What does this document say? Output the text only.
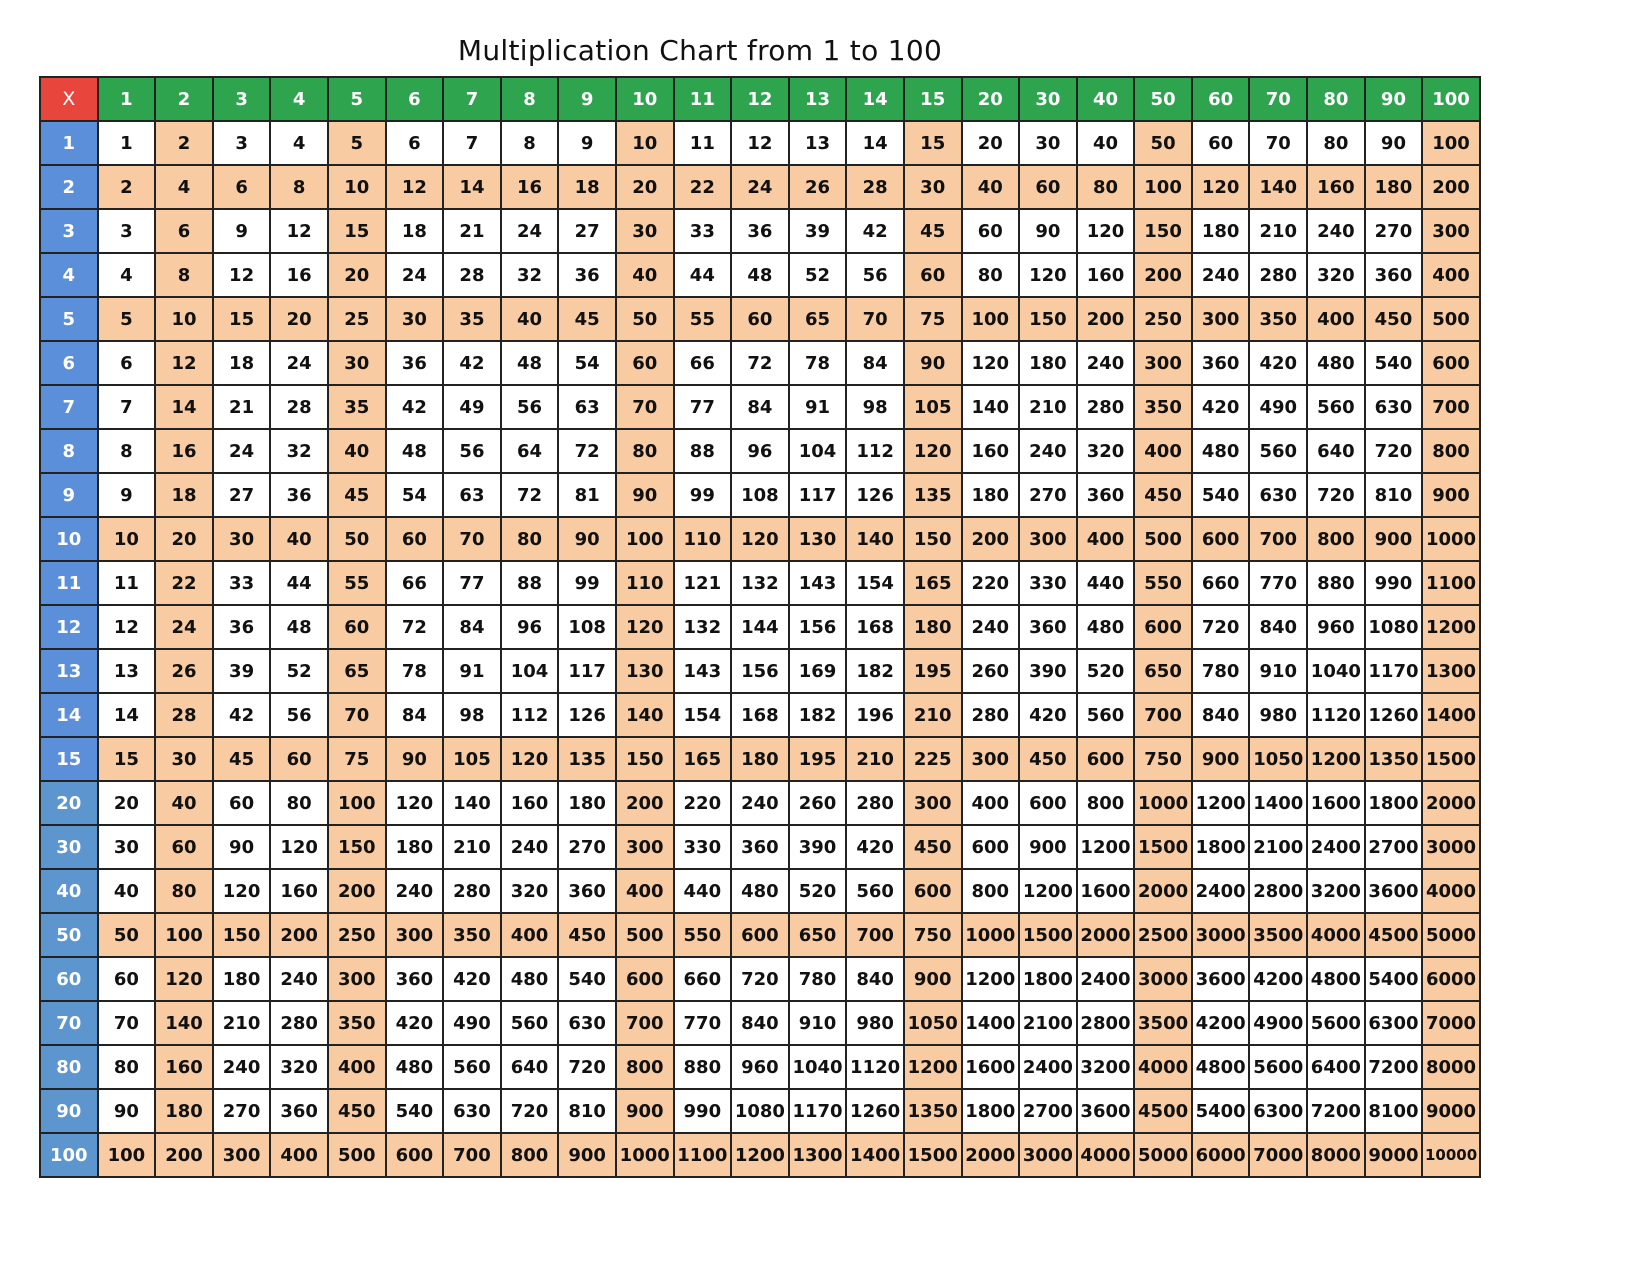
Multiplication Chart from 1 to 100
X	1	2	3	4	5	6	7	8	9	10	11	12	13	14	15	20	30	40	50	60	70	80	90	100
1	1	2	3	4	5	6	7	8	9	10	11	12	13	14	15	20	30	40	50	60	70	80	90	100
2	2	4	6	8	10	12	14	16	18	20	22	24	26	28	30	40	60	80	100	120	140	160	180	200
3	3	6	9	12	15	18	21	24	27	30	33	36	39	42	45	60	90	120	150	180	210	240	270	300
4	4	8	12	16	20	24	28	32	36	40	44	48	52	56	60	80	120	160	200	240	280	320	360	400
5	5	10	15	20	25	30	35	40	45	50	55	60	65	70	75	100	150	200	250	300	350	400	450	500
6	6	12	18	24	30	36	42	48	54	60	66	72	78	84	90	120	180	240	300	360	420	480	540	600
7	7	14	21	28	35	42	49	56	63	70	77	84	91	98	105	140	210	280	350	420	490	560	630	700
8	8	16	24	32	40	48	56	64	72	80	88	96	104	112	120	160	240	320	400	480	560	640	720	800
9	9	18	27	36	45	54	63	72	81	90	99	108	117	126	135	180	270	360	450	540	630	720	810	900
10	10	20	30	40	50	60	70	80	90	100	110	120	130	140	150	200	300	400	500	600	700	800	900	1000
11	11	22	33	44	55	66	77	88	99	110	121	132	143	154	165	220	330	440	550	660	770	880	990	1100
12	12	24	36	48	60	72	84	96	108	120	132	144	156	168	180	240	360	480	600	720	840	960	1080	1200
13	13	26	39	52	65	78	91	104	117	130	143	156	169	182	195	260	390	520	650	780	910	1040	1170	1300
14	14	28	42	56	70	84	98	112	126	140	154	168	182	196	210	280	420	560	700	840	980	1120	1260	1400
15	15	30	45	60	75	90	105	120	135	150	165	180	195	210	225	300	450	600	750	900	1050	1200	1350	1500
20	20	40	60	80	100	120	140	160	180	200	220	240	260	280	300	400	600	800	1000	1200	1400	1600	1800	2000
30	30	60	90	120	150	180	210	240	270	300	330	360	390	420	450	600	900	1200	1500	1800	2100	2400	2700	3000
40	40	80	120	160	200	240	280	320	360	400	440	480	520	560	600	800	1200	1600	2000	2400	2800	3200	3600	4000
50	50	100	150	200	250	300	350	400	450	500	550	600	650	700	750	1000	1500	2000	2500	3000	3500	4000	4500	5000
60	60	120	180	240	300	360	420	480	540	600	660	720	780	840	900	1200	1800	2400	3000	3600	4200	4800	5400	6000
70	70	140	210	280	350	420	490	560	630	700	770	840	910	980	1050	1400	2100	2800	3500	4200	4900	5600	6300	7000
80	80	160	240	320	400	480	560	640	720	800	880	960	1040	1120	1200	1600	2400	3200	4000	4800	5600	6400	7200	8000
90	90	180	270	360	450	540	630	720	810	900	990	1080	1170	1260	1350	1800	2700	3600	4500	5400	6300	7200	8100	9000
100	100	200	300	400	500	600	700	800	900	1000	1100	1200	1300	1400	1500	2000	3000	4000	5000	6000	7000	8000	9000	10000
